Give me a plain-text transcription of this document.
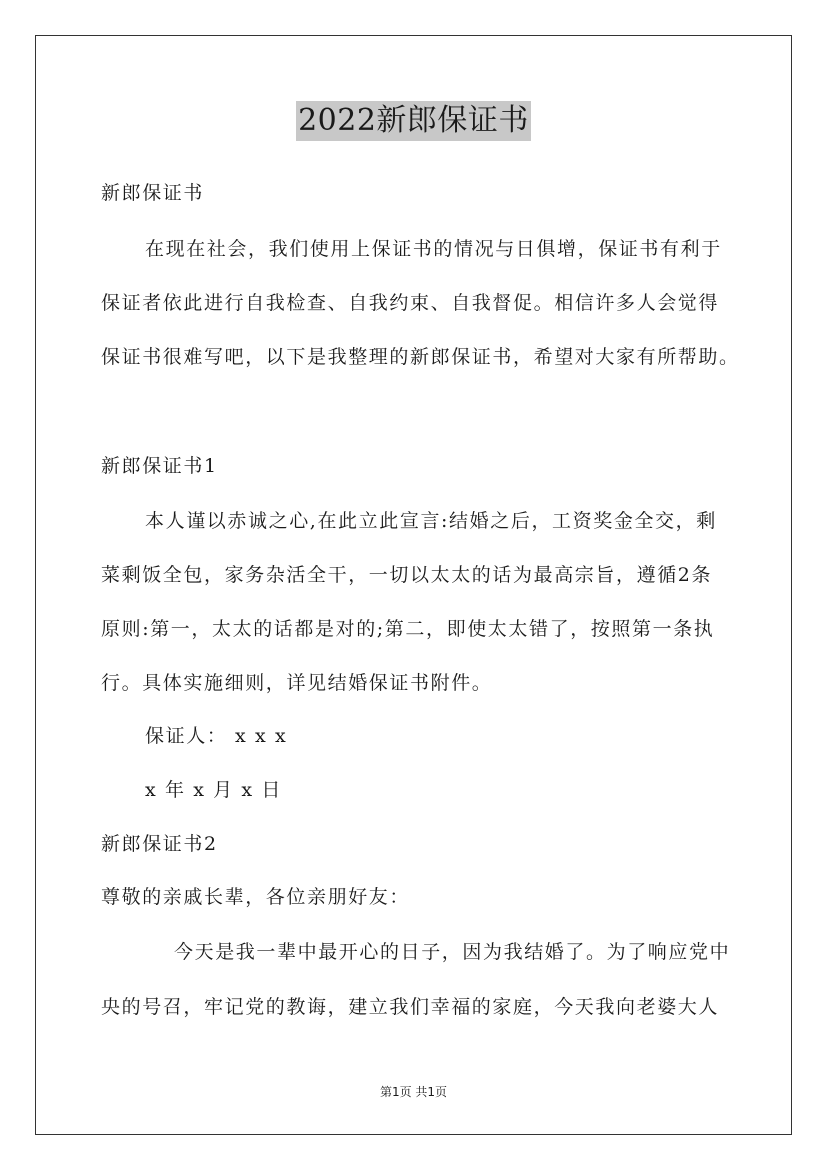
2022新郎保证书
新郎保证书
在现在社会，我们使用上保证书的情况与日俱增，保证书有利于
保证者依此进行自我检查、自我约束、自我督促。相信许多人会觉得
保证书很难写吧，以下是我整理的新郎保证书，希望对大家有所帮助。
新郎保证书1
本人谨以赤诚之心,在此立此宣言:结婚之后，工资奖金全交，剩
菜剩饭全包，家务杂活全干，一切以太太的话为最高宗旨，遵循2条
原则:第一，太太的话都是对的;第二，即使太太错了，按照第一条执
行。具体实施细则，详见结婚保证书附件。
保证人： x x x
x 年 x 月 x 日
新郎保证书2
尊敬的亲戚长辈，各位亲朋好友：
今天是我一辈中最开心的日子，因为我结婚了。为了响应党中
央的号召，牢记党的教诲，建立我们幸福的家庭，今天我向老婆大人
第1页 共1页
